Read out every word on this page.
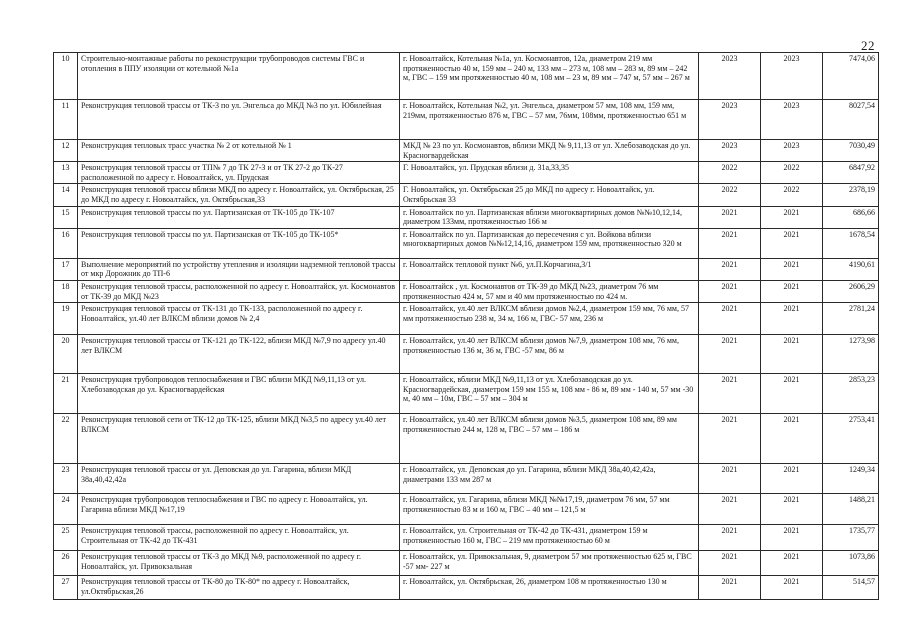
22
10	Строительно-монтажные работы по реконструкции трубопроводов системы ГВС и отопления в ППУ изоляции от котельной №1а	г. Новоалтайск, Котельная №1а, ул. Космонавтов, 12а, диаметром 219 мм протяженностью 40 м, 159 мм – 240 м, 133 мм – 273 м, 108 мм – 283 м, 89 мм – 242 м, ГВС – 159 мм протяженностью 40 м, 108 мм – 23 м, 89 мм – 747 м, 57 мм – 267 м	2023	2023	7474,06
11	Реконструкция тепловой трассы от ТК-3 по ул. Энгельса до МКД №3 по ул. Юбилейная	г. Новоалтайск, Котельная №2, ул. Энгельса, диаметром 57 мм, 108 мм, 159 мм, 219мм, протяженностью 876 м, ГВС – 57 мм, 76мм, 108мм, протяженностью 651 м	2023	2023	8027,54
12	Реконструкция тепловых трасс участка № 2 от котельной № 1	МКД № 23 по ул. Космонавтов, вблизи МКД № 9,11,13 от ул. Хлебозаводская до ул. Красногвардейская	2023	2023	7030,49
13	Реконструкция тепловой трассы от ТП№ 7 до ТК 27-3 и от ТК 27-2 до ТК-27 расположенной по адресу г. Новоалтайск, ул. Прудская	Г. Новоалтайск, ул. Прудская вблизи д. 31а,33,35	2022	2022	6847,92
14	Реконструкция тепловой трассы вблизи МКД по адресу г. Новоалтайск, ул. Октябрьская, 25 до МКД по адресу г. Новоалтайск, ул. Октябрьская,33	Г. Новоалтайск, ул. Октябрьская 25 до МКД по адресу г. Новоалтайск, ул. Октябрьская 33	2022	2022	2378,19
15	Реконструкция тепловой трассы по ул. Партизанская от ТК-105 до ТК-107	г. Новоалтайск по ул. Партизанская вблизи многоквартирных домов №№10,12,14, диаметром 133мм, протяженностью 166 м	2021	2021	686,66
16	Реконструкция тепловой трассы по ул. Партизанская от ТК-105 до ТК-105*	г. Новоалтайск по ул. Партизанская до пересечения с ул. Войкова вблизи многоквартирных домов №№12,14,16, диаметром 159 мм, протяженностью 320 м	2021	2021	1678,54
17	Выполнение мероприятий по устройству утепления и изоляции надземной тепловой трассы от мкр Дорожник до ТП-6	г. Новоалтайск тепловой пункт №6, ул.П.Корчагина,3/1	2021	2021	4190,61
18	Реконструкция тепловой трассы, расположенной по адресу г. Новоалтайск, ул. Космонавтов от ТК-39 до МКД №23	г. Новоалтайск , ул. Космонавтов от ТК-39 до МКД №23, диаметром 76 мм протяженностью 424 м, 57 мм и 40 мм протяженностью по 424 м.	2021	2021	2606,29
19	Реконструкция тепловой трассы от ТК-131 до ТК-133, расположенной по адресу г. Новоалтайск, ул.40 лет ВЛКСМ вблизи домов № 2,4	г. Новоалтайск, ул.40 лет ВЛКСМ вблизи домов №2,4, диаметром 159 мм, 76 мм, 57 мм протяженностью 238 м, 34 м, 166 м, ГВС- 57 мм, 236 м	2021	2021	2781,24
20	Реконструкция тепловой трассы от ТК-121 до ТК-122, вблизи МКД №7,9 по адресу ул.40 лет ВЛКСМ	г. Новоалтайск, ул.40 лет ВЛКСМ вблизи домов №7,9, диаметром 108 мм, 76 мм, протяженностью 136 м, 36 м, ГВС -57 мм, 86 м	2021	2021	1273,98
21	Реконструкция трубопроводов теплоснабжения и ГВС вблизи МКД №9,11,13 от ул. Хлебозаводская до ул. Красногвардейская	г. Новоалтайск, вблизи МКД №9,11,13 от ул. Хлебозаводская до ул. Красногвардейская, диаметром 159 мм 155 м, 108 мм - 86 м, 89 мм - 140 м, 57 мм -30 м, 40 мм – 10м, ГВС – 57 мм – 304 м	2021	2021	2853,23
22	Реконструкция тепловой сети от ТК-12 до ТК-125, вблизи МКД №3,5 по адресу ул.40 лет ВЛКСМ	г. Новоалтайск, ул.40 лет ВЛКСМ вблизи домов №3,5, диаметром 108 мм, 89 мм протяженностью 244 м, 128 м, ГВС – 57 мм – 186 м	2021	2021	2753,41
23	Реконструкция тепловой трассы от ул. Деповская до ул. Гагарина, вблизи МКД 38а,40,42,42а	г. Новоалтайск, ул. Деповская до ул. Гагарина, вблизи МКД 38а,40,42,42а, диаметрами 133 мм 287 м	2021	2021	1249,34
24	Реконструкция трубопроводов теплоснабжения и ГВС по адресу г. Новоалтайск, ул. Гагарина вблизи МКД №17,19	г. Новоалтайск, ул. Гагарина, вблизи МКД №№17,19, диаметром 76 мм, 57 мм протяженностью 83 м и 160 м, ГВС – 40 мм – 121,5 м	2021	2021	1488,21
25	Реконструкция тепловой трассы, расположенной по адресу г. Новоалтайск, ул. Строительная от ТК-42 до ТК-431	г. Новоалтайск, ул. Строительная от ТК-42 до ТК-431, диаметром 159 м протяженностью 160 м, ГВС – 219 мм протяженностью 60 м	2021	2021	1735,77
26	Реконструкция тепловой трассы от ТК-3 до МКД №9, расположенной по адресу г. Новоалтайск, ул. Привокзальная	г. Новоалтайск, ул. Привокзальная, 9, диаметром 57 мм протяженностью 625 м, ГВС -57 мм- 227 м	2021	2021	1073,86
27	Реконструкция тепловой трассы от ТК-80 до ТК-80* по адресу г. Новоалтайск, ул.Октябрьская,26	г. Новоалтайск, ул. Октябрьская, 26, диаметром 108 м протяженностью 130 м	2021	2021	514,57
